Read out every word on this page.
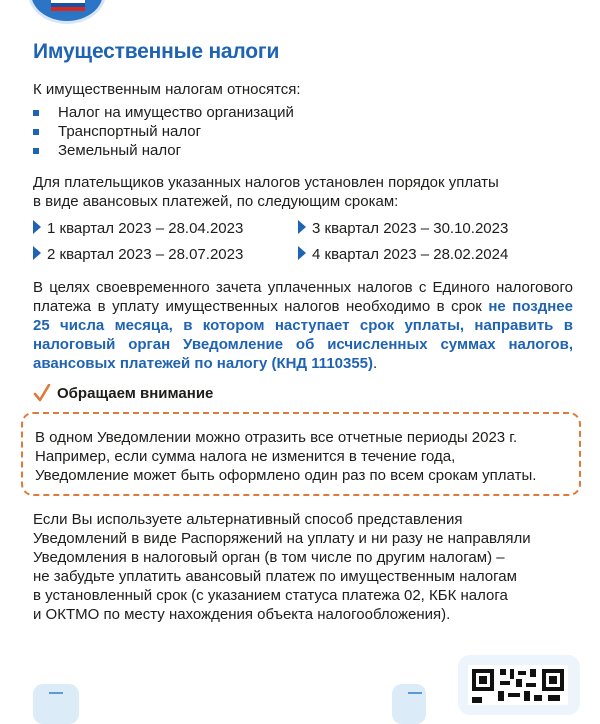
Имущественные налоги

К имущественным налогам относятся:

Налог на имущество организаций
Транспортный налог
Земельный налог

Для плательщиков указанных налогов установлен порядок уплаты
в виде авансовых платежей, по следующим срокам:

1 квартал 2023 – 28.04.2023	3 квартал 2023 – 30.10.2023
2 квартал 2023 – 28.07.2023	4 квартал 2023 – 28.02.2024

В целях своевременного зачета уплаченных налогов с Единого налогового платежа в уплату имущественных налогов необходимо в срок не позднее 25 числа месяца, в котором наступает срок уплаты, направить в налоговый орган Уведомление об исчисленных суммах налогов, авансовых платежей по налогу (КНД 1110355).

Обращаем внимание

В одном Уведомлении можно отразить все отчетные периоды 2023 г.

Например, если сумма налога не изменится в течение года,

Уведомление может быть оформлено один раз по всем срокам уплаты.

Если Вы используете альтернативный способ представления
Уведомлений в виде Распоряжений на уплату и ни разу не направляли
Уведомления в налоговый орган (в том числе по другим налогам) –
не забудьте уплатить авансовый платеж по имущественным налогам
в установленный срок (с указанием статуса платежа 02, КБК налога
и ОКТМО по месту нахождения объекта налогообложения).
